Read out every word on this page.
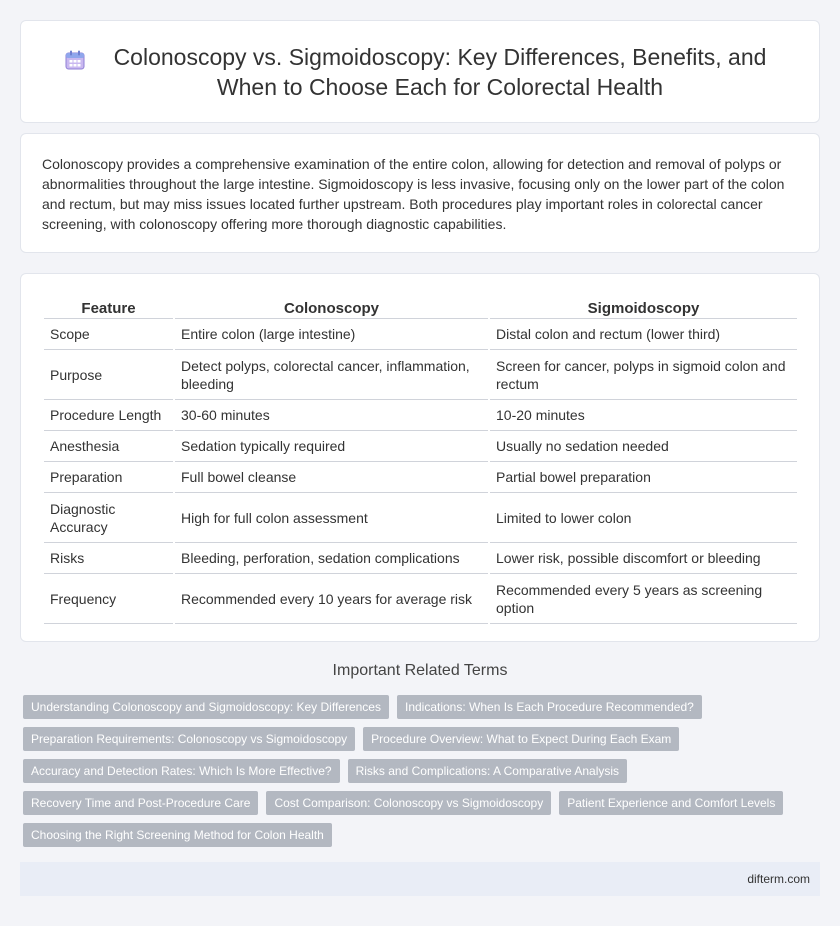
Colonoscopy vs. Sigmoidoscopy: Key Differences, Benefits, and When to Choose Each for Colorectal Health

Colonoscopy provides a comprehensive examination of the entire colon, allowing for detection and removal of polyps or abnormalities throughout the large intestine. Sigmoidoscopy is less invasive, focusing only on the lower part of the colon and rectum, but may miss issues located further upstream. Both procedures play important roles in colorectal cancer screening, with colonoscopy offering more thorough diagnostic capabilities.

Feature	Colonoscopy	Sigmoidoscopy
Scope	Entire colon (large intestine)	Distal colon and rectum (lower third)
Purpose	Detect polyps, colorectal cancer, inflammation, bleeding	Screen for cancer, polyps in sigmoid colon and rectum
Procedure Length	30-60 minutes	10-20 minutes
Anesthesia	Sedation typically required	Usually no sedation needed
Preparation	Full bowel cleanse	Partial bowel preparation
Diagnostic Accuracy	High for full colon assessment	Limited to lower colon
Risks	Bleeding, perforation, sedation complications	Lower risk, possible discomfort or bleeding
Frequency	Recommended every 10 years for average risk	Recommended every 5 years as screening option
Important Related Terms
Understanding Colonoscopy and Sigmoidoscopy: Key Differences	Indications: When Is Each Procedure Recommended?
Preparation Requirements: Colonoscopy vs Sigmoidoscopy	Procedure Overview: What to Expect During Each Exam
Accuracy and Detection Rates: Which Is More Effective?	Risks and Complications: A Comparative Analysis
Recovery Time and Post-Procedure Care	Cost Comparison: Colonoscopy vs Sigmoidoscopy	Patient Experience and Comfort Levels
Choosing the Right Screening Method for Colon Health
difterm.com
